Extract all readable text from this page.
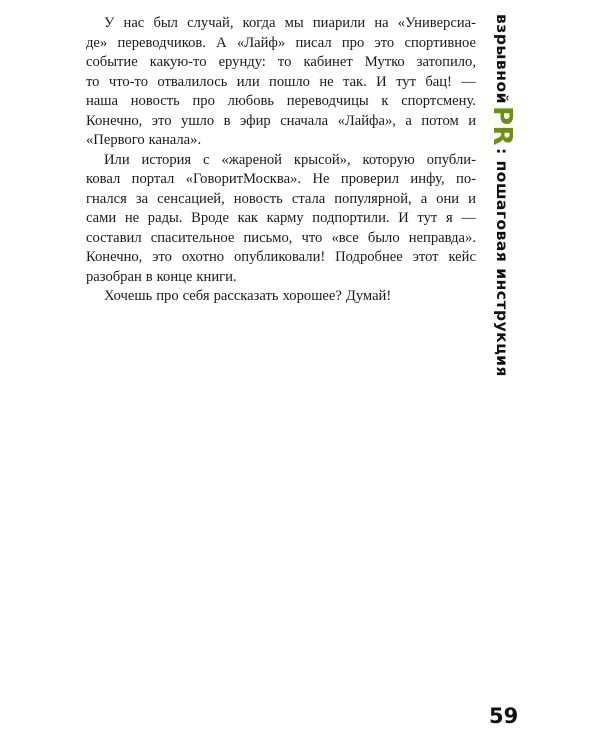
У нас был случай, когда мы пиарили на «Универсиа-
де» переводчиков. А «Лайф» писал про это спортивное
событие какую-то ерунду: то кабинет Мутко затопило,
то что-то отвалилось или пошло не так. И тут бац! —
наша новость про любовь переводчицы к спортсмену.
Конечно, это ушло в эфир сначала «Лайфа», а потом и
«Первого канала».
Или история с «жареной крысой», которую опубли-
ковал портал «ГоворитМосква». Не проверил инфу, по-
гнался за сенсацией, новость стала популярной, а они и
сами не рады. Вроде как карму подпортили. И тут я —
составил спасительное письмо, что «все было неправда».
Конечно, это охотно опубликовали! Подробнее этот кейс
разобран в конце книги.
Хочешь про себя рассказать хорошее? Думай!
взрывной
PR
: пошаговая инструкция
59
